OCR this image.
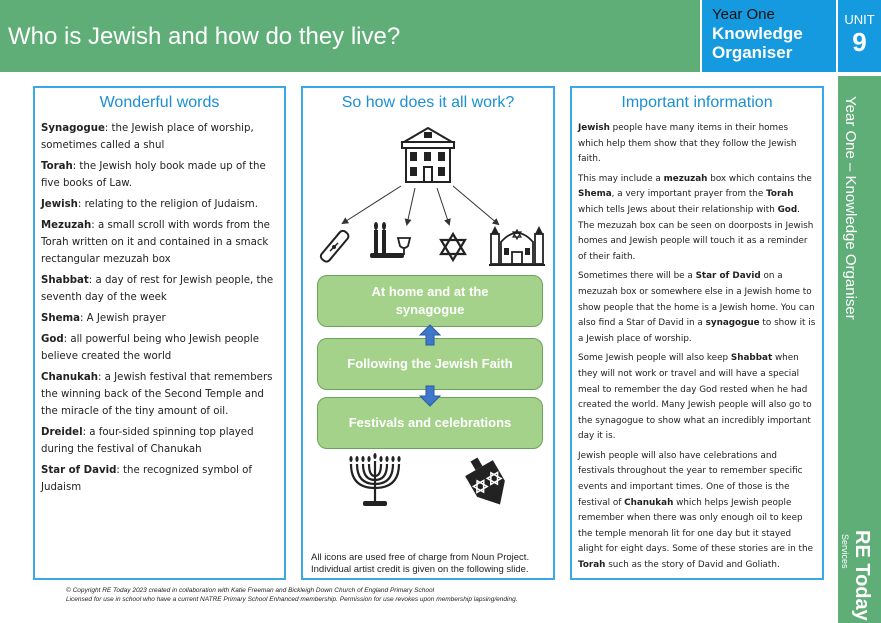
Who is Jewish and how do they live?
Year One
Knowledge Organiser
UNIT
9
Year One – Knowledge Organiser
RE Today
Services
Wonderful words
Synagogue: the Jewish place of worship, sometimes called a shul
Torah: the Jewish holy book made up of the five books of Law.
Jewish: relating to the religion of Judaism.
Mezuzah: a small scroll with words from the Torah written on it and contained in a smack rectangular mezuzah box
Shabbat: a day of rest for Jewish people, the seventh day of the week
Shema: A Jewish prayer
God: all powerful being who Jewish people believe created the world
Chanukah: a Jewish festival that remembers the winning back of the Second Temple and the miracle of the tiny amount of oil.
Dreidel: a four-sided spinning top played during the festival of Chanukah
Star of David: the recognized symbol of Judaism
So how does it all work?
At home and at the synagogue
Following the Jewish Faith
Festivals and celebrations
All icons are used free of charge from Noun Project. Individual artist credit is given on the following slide.
Important information

Jewish people have many items in their homes which help them show that they follow the Jewish faith.

This may include a mezuzah box which contains the Shema, a very important prayer from the Torah which tells Jews about their relationship with God. The mezuzah box can be seen on doorposts in Jewish homes and Jewish people will touch it as a reminder of their faith.

Sometimes there will be a Star of David on a mezuzah box or somewhere else in a Jewish home to show people that the home is a Jewish home. You can also find a Star of David in a synagogue to show it is a Jewish place of worship.

Some Jewish people will also keep Shabbat when they will not work or travel and will have a special meal to remember the day God rested when he had created the world. Many Jewish people will also go to the synagogue to show what an incredibly important day it is.

Jewish people will also have celebrations and festivals throughout the year to remember specific events and important times. One of those is the festival of Chanukah which helps Jewish people remember when there was only enough oil to keep the temple menorah lit for one day but it stayed alight for eight days. Some of these stories are in the Torah such as the story of David and Goliath.

© Copyright RE Today 2023 created in collaboration with Katie Freeman and Bickleigh Down Church of England Primary School
Licensed for use in school who have a current NATRE Primary School Enhanced membership. Permission for use revokes upon membership lapsing/ending.
